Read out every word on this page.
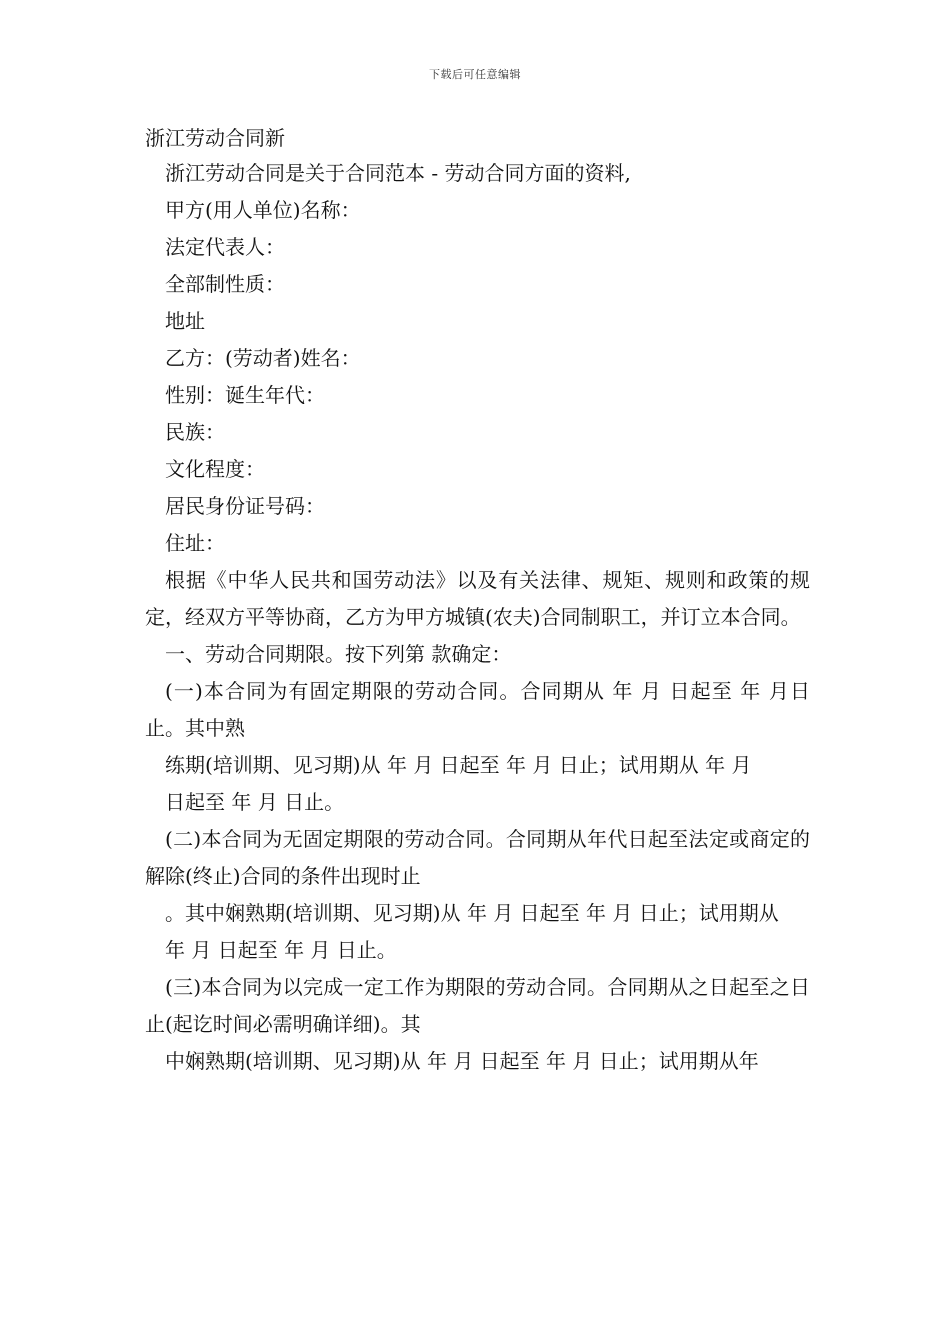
下载后可任意编辑
浙江劳动合同新

浙江劳动合同是关于合同范本 - 劳动合同方面的资料,

甲方(用人单位)名称：

法定代表人：

全部制性质：

地址

乙方：(劳动者)姓名：

性别：诞生年代：

民族：

文化程度：

居民身份证号码：

住址：

根据《中华人民共和国劳动法》以及有关法律、规矩、规则和政策的规定，经双方平等协商，乙方为甲方城镇(农夫)合同制职工，并订立本合同。

一、劳动合同期限。按下列第 款确定：

(一)本合同为有固定期限的劳动合同。合同期从 年 月 日起至 年 月日止。其中熟

练期(培训期、见习期)从 年 月 日起至 年 月 日止；试用期从 年 月

日起至 年 月 日止。

(二)本合同为无固定期限的劳动合同。合同期从年代日起至法定或商定的解除(终止)合同的条件出现时止

。其中娴熟期(培训期、见习期)从 年 月 日起至 年 月 日止；试用期从

年 月 日起至 年 月 日止。

(三)本合同为以完成一定工作为期限的劳动合同。合同期从之日起至之日止(起讫时间必需明确详细)。其

中娴熟期(培训期、见习期)从 年 月 日起至 年 月 日止；试用期从年
